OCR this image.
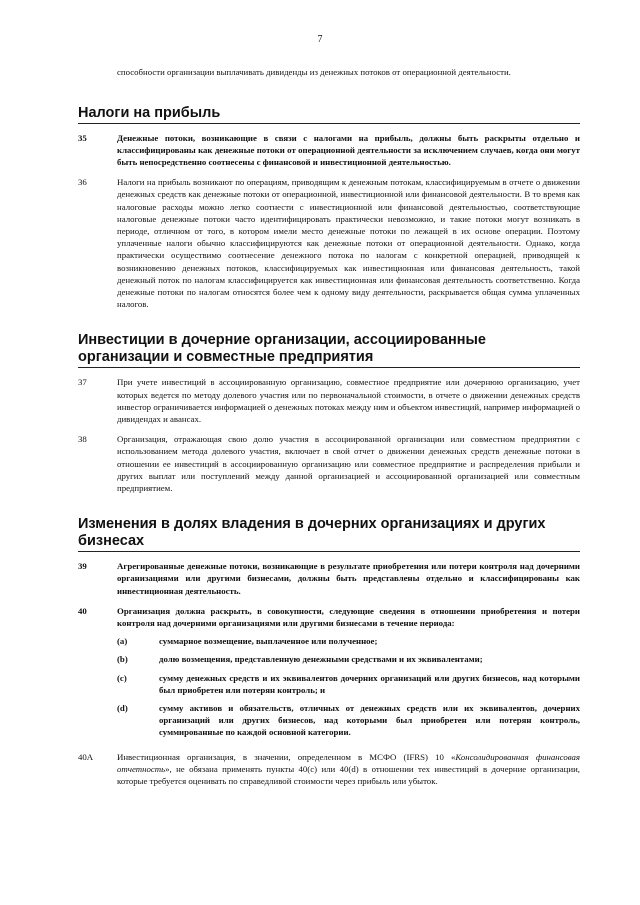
7

способности организации выплачивать дивиденды из денежных потоков от операционной деятельности.

Налоги на прибыль
35	Денежные потоки, возникающие в связи с налогами на прибыль, должны быть раскрыты отдельно и классифицированы как денежные потоки от операционной деятельности за исключением случаев, когда они могут быть непосредственно соотнесены с финансовой и инвестиционной деятельностью.
36	Налоги на прибыль возникают по операциям, приводящим к денежным потокам, классифицируемым в отчете о движении денежных средств как денежные потоки от операционной, инвестиционной или финансовой деятельности. В то время как налоговые расходы можно легко соотнести с инвестиционной или финансовой деятельностью, соответствующие налоговые денежные потоки часто идентифицировать практически невозможно, и такие потоки могут возникать в периоде, отличном от того, в котором имели место денежные потоки по лежащей в их основе операции. Поэтому уплаченные налоги обычно классифицируются как денежные потоки от операционной деятельности. Однако, когда практически осуществимо соотнесение денежного потока по налогам с конкретной операцией, приводящей к возникновению денежных потоков, классифицируемых как инвестиционная или финансовая деятельность, такой денежный поток по налогам классифицируется как инвестиционная или финансовая деятельность соответственно. Когда денежные потоки по налогам относятся более чем к одному виду деятельности, раскрывается общая сумма уплаченных налогов.
Инвестиции в дочерние организации, ассоциированные организации и совместные предприятия
37	При учете инвестиций в ассоциированную организацию, совместное предприятие или дочернюю организацию, учет которых ведется по методу долевого участия или по первоначальной стоимости, в отчете о движении денежных средств инвестор ограничивается информацией о денежных потоках между ним и объектом инвестиций, например информацией о дивидендах и авансах.
38	Организация, отражающая свою долю участия в ассоциированной организации или совместном предприятии с использованием метода долевого участия, включает в свой отчет о движении денежных средств денежные потоки в отношении ее инвестиций в ассоциированную организацию или совместное предприятие и распределения прибыли и других выплат или поступлений между данной организацией и ассоциированной организацией или совместным предприятием.
Изменения в долях владения в дочерних организациях и других бизнесах
39	Агрегированные денежные потоки, возникающие в результате приобретения или потери контроля над дочерними организациями или другими бизнесами, должны быть представлены отдельно и классифицированы как инвестиционная деятельность.
40	Организация должна раскрыть, в совокупности, следующие сведения в отношении приобретения и потери контроля над дочерними организациями или другими бизнесами в течение периода:
(a)	суммарное возмещение, выплаченное или полученное;
(b)	долю возмещения, представленную денежными средствами и их эквивалентами;
(c)	сумму денежных средств и их эквивалентов дочерних организаций или других бизнесов, над которыми был приобретен или потерян контроль; и
(d)	сумму активов и обязательств, отличных от денежных средств или их эквивалентов, дочерних организаций или других бизнесов, над которыми был приобретен или потерян контроль, суммированные по каждой основной категории.
40A	Инвестиционная организация, в значении, определенном в МСФО (IFRS) 10 «Консолидированная финансовая отчетность», не обязана применять пункты 40(с) или 40(d) в отношении тех инвестиций в дочерние организации, которые требуется оценивать по справедливой стоимости через прибыль или убыток.
